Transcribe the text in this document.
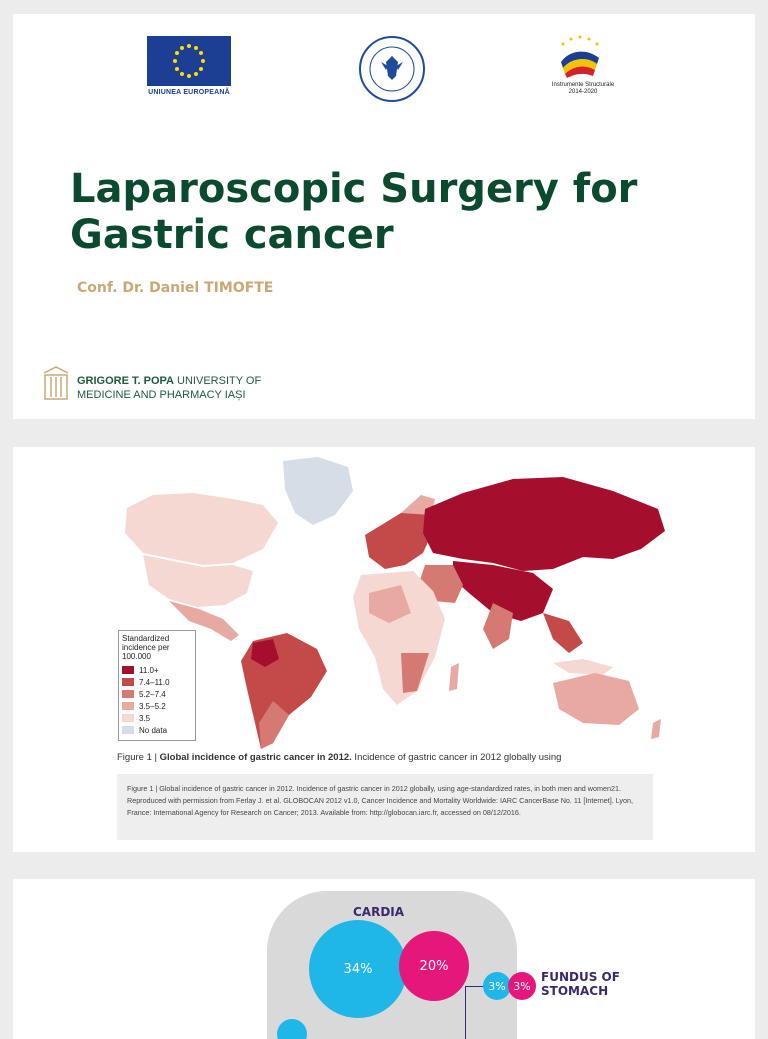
UNIUNEA EUROPEANĂ
Instrumente Structurale
2014-2020
Laparoscopic Surgery for Gastric cancer
Conf. Dr. Daniel TIMOFTE
GRIGORE T. POPA UNIVERSITY OF
MEDICINE AND PHARMACY IAȘI
Standardized incidence per 100.000
11.0+
7.4–11.0
5.2–7.4
3.5–5.2
3.5
No data
Figure 1 | Global incidence of gastric cancer in 2012. Incidence of gastric cancer in 2012 globally using
Figure 1 | Global incidence of gastric cancer in 2012. Incidence of gastric cancer in 2012 globally, using age-standardized rates, in both men and women21. Reproduced with permission from Ferlay J. et al. GLOBOCAN 2012 v1.0, Cancer Incidence and Mortality Worldwide: IARC CancerBase No. 11 [Internet]. Lyon, France: International Agency for Research on Cancer; 2013. Available from: http://globocan.iarc.fr, accessed on 08/12/2016.
CARDIA
34%	20%
3% 3%
FUNDUS OF
STOMACH
